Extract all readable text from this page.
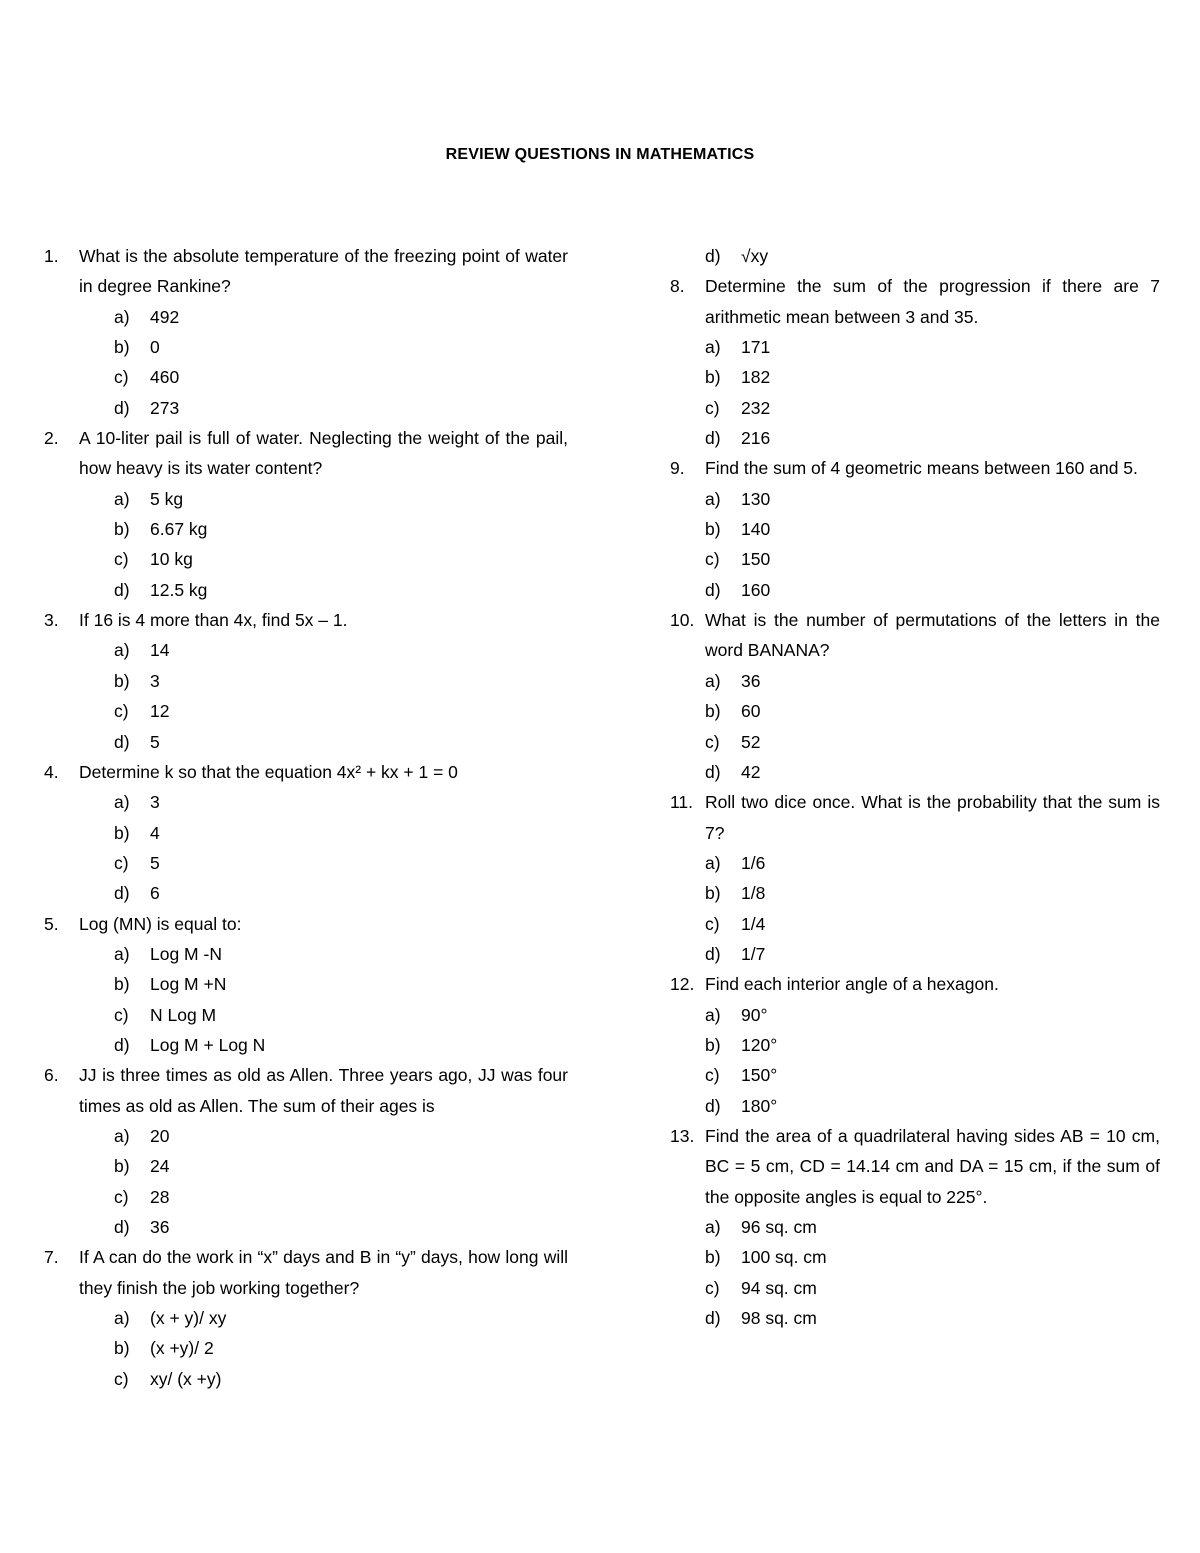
REVIEW QUESTIONS IN MATHEMATICS
1. What is the absolute temperature of the freezing point of water in degree Rankine?
a) 492
b) 0
c) 460
d) 273
2. A 10-liter pail is full of water. Neglecting the weight of the pail, how heavy is its water content?
a) 5 kg
b) 6.67 kg
c) 10 kg
d) 12.5 kg
3. If 16 is 4 more than 4x, find 5x – 1.
a) 14
b) 3
c) 12
d) 5
4. Determine k so that the equation 4x² + kx + 1 = 0
a) 3
b) 4
c) 5
d) 6
5. Log (MN) is equal to:
a) Log M -N
b) Log M +N
c) N Log M
d) Log M + Log N
6. JJ is three times as old as Allen. Three years ago, JJ was four times as old as Allen. The sum of their ages is
a) 20
b) 24
c) 28
d) 36
7. If A can do the work in “x” days and B in “y” days, how long will they finish the job working together?
a) (x + y)/ xy
b) (x +y)/ 2
c) xy/ (x +y)
d) √xy
8. Determine the sum of the progression if there are 7 arithmetic mean between 3 and 35.
a) 171
b) 182
c) 232
d) 216
9. Find the sum of 4 geometric means between 160 and 5.
a) 130
b) 140
c) 150
d) 160
10. What is the number of permutations of the letters in the word BANANA?
a) 36
b) 60
c) 52
d) 42
11. Roll two dice once. What is the probability that the sum is 7?
a) 1/6
b) 1/8
c) 1/4
d) 1/7
12. Find each interior angle of a hexagon.
a) 90°
b) 120°
c) 150°
d) 180°
13. Find the area of a quadrilateral having sides AB = 10 cm, BC = 5 cm, CD = 14.14 cm and DA = 15 cm, if the sum of the opposite angles is equal to 225°.
a) 96 sq. cm
b) 100 sq. cm
c) 94 sq. cm
d) 98 sq. cm
